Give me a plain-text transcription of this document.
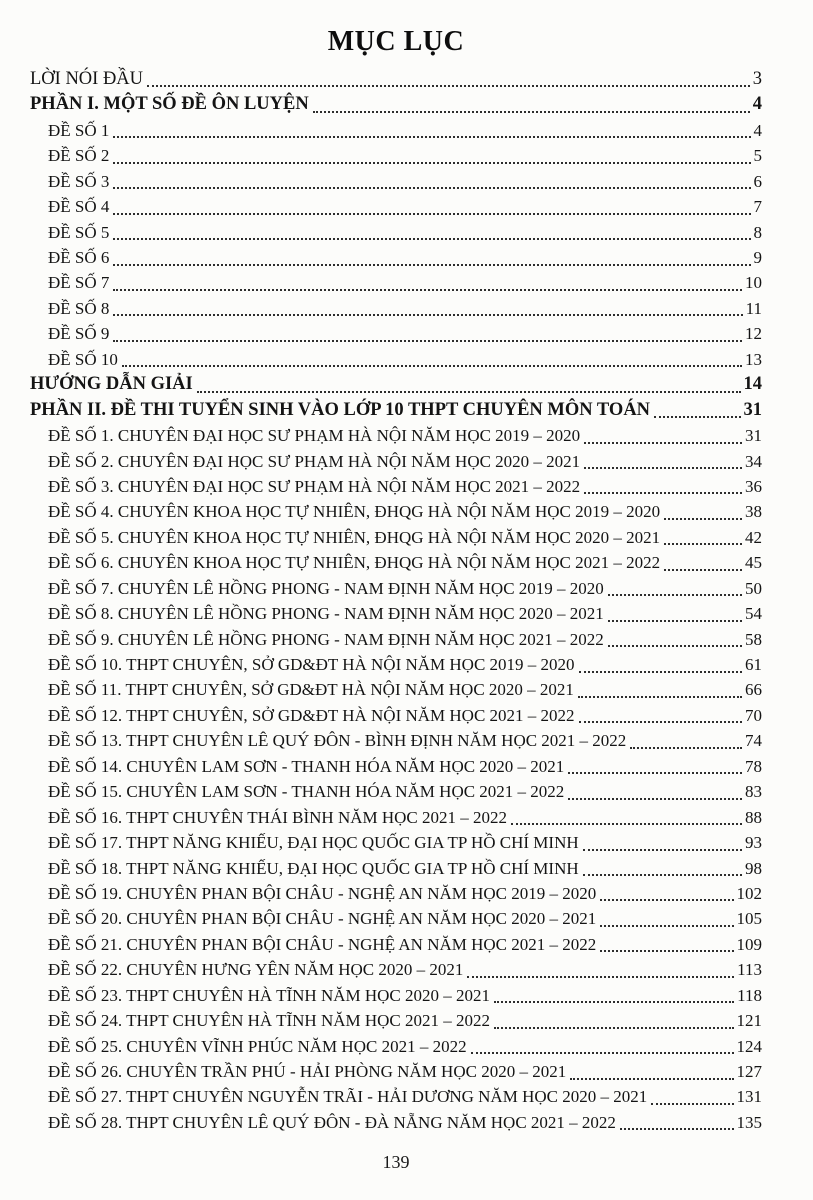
MỤC LỤC
LỜI NÓI ĐẦU	3
PHẦN I. MỘT SỐ ĐỀ ÔN LUYỆN	4
ĐỀ SỐ 1	4
ĐỀ SỐ 2	5
ĐỀ SỐ 3	6
ĐỀ SỐ 4	7
ĐỀ SỐ 5	8
ĐỀ SỐ 6	9
ĐỀ SỐ 7	10
ĐỀ SỐ 8	11
ĐỀ SỐ 9	12
ĐỀ SỐ 10	13
HƯỚNG DẪN GIẢI	14
PHẦN II. ĐỀ THI TUYỂN SINH VÀO LỚP 10 THPT CHUYÊN MÔN TOÁN	31
ĐỀ SỐ 1. CHUYÊN ĐẠI HỌC SƯ PHẠM HÀ NỘI NĂM HỌC 2019 – 2020	31
ĐỀ SỐ 2. CHUYÊN ĐẠI HỌC SƯ PHẠM HÀ NỘI NĂM HỌC 2020 – 2021	34
ĐỀ SỐ 3. CHUYÊN ĐẠI HỌC SƯ PHẠM HÀ NỘI NĂM HỌC 2021 – 2022	36
ĐỀ SỐ 4. CHUYÊN KHOA HỌC TỰ NHIÊN, ĐHQG HÀ NỘI NĂM HỌC 2019 – 2020	38
ĐỀ SỐ 5. CHUYÊN KHOA HỌC TỰ NHIÊN, ĐHQG HÀ NỘI NĂM HỌC 2020 – 2021	42
ĐỀ SỐ 6. CHUYÊN KHOA HỌC TỰ NHIÊN, ĐHQG HÀ NỘI NĂM HỌC 2021 – 2022	45
ĐỀ SỐ 7. CHUYÊN LÊ HỒNG PHONG - NAM ĐỊNH NĂM HỌC 2019 – 2020	50
ĐỀ SỐ 8. CHUYÊN LÊ HỒNG PHONG - NAM ĐỊNH NĂM HỌC 2020 – 2021	54
ĐỀ SỐ 9. CHUYÊN LÊ HỒNG PHONG - NAM ĐỊNH NĂM HỌC 2021 – 2022	58
ĐỀ SỐ 10. THPT CHUYÊN, SỞ GD&ĐT HÀ NỘI NĂM HỌC 2019 – 2020	61
ĐỀ SỐ 11. THPT CHUYÊN, SỞ GD&ĐT HÀ NỘI NĂM HỌC 2020 – 2021	66
ĐỀ SỐ 12. THPT CHUYÊN, SỞ GD&ĐT HÀ NỘI NĂM HỌC 2021 – 2022	70
ĐỀ SỐ 13. THPT CHUYÊN LÊ QUÝ ĐÔN - BÌNH ĐỊNH NĂM HỌC 2021 – 2022	74
ĐỀ SỐ 14. CHUYÊN LAM SƠN - THANH HÓA NĂM HỌC 2020 – 2021	78
ĐỀ SỐ 15. CHUYÊN LAM SƠN - THANH HÓA NĂM HỌC 2021 – 2022	83
ĐỀ SỐ 16. THPT CHUYÊN THÁI BÌNH NĂM HỌC 2021 – 2022	88
ĐỀ SỐ 17. THPT NĂNG KHIẾU, ĐẠI HỌC QUỐC GIA TP HỒ CHÍ MINH	93
ĐỀ SỐ 18. THPT NĂNG KHIẾU, ĐẠI HỌC QUỐC GIA TP HỒ CHÍ MINH	98
ĐỀ SỐ 19. CHUYÊN PHAN BỘI CHÂU - NGHỆ AN NĂM HỌC 2019 – 2020	102
ĐỀ SỐ 20. CHUYÊN PHAN BỘI CHÂU - NGHỆ AN NĂM HỌC 2020 – 2021	105
ĐỀ SỐ 21. CHUYÊN PHAN BỘI CHÂU - NGHỆ AN NĂM HỌC 2021 – 2022	109
ĐỀ SỐ 22. CHUYÊN HƯNG YÊN NĂM HỌC 2020 – 2021	113
ĐỀ SỐ 23. THPT CHUYÊN HÀ TĨNH NĂM HỌC 2020 – 2021	118
ĐỀ SỐ 24. THPT CHUYÊN HÀ TĨNH NĂM HỌC 2021 – 2022	121
ĐỀ SỐ 25. CHUYÊN VĨNH PHÚC NĂM HỌC 2021 – 2022	124
ĐỀ SỐ 26. CHUYÊN TRẦN PHÚ - HẢI PHÒNG NĂM HỌC 2020 – 2021	127
ĐỀ SỐ 27. THPT CHUYÊN NGUYỄN TRÃI - HẢI DƯƠNG NĂM HỌC 2020 – 2021	131
ĐỀ SỐ 28. THPT CHUYÊN LÊ QUÝ ĐÔN - ĐÀ NẴNG NĂM HỌC 2021 – 2022	135
139
